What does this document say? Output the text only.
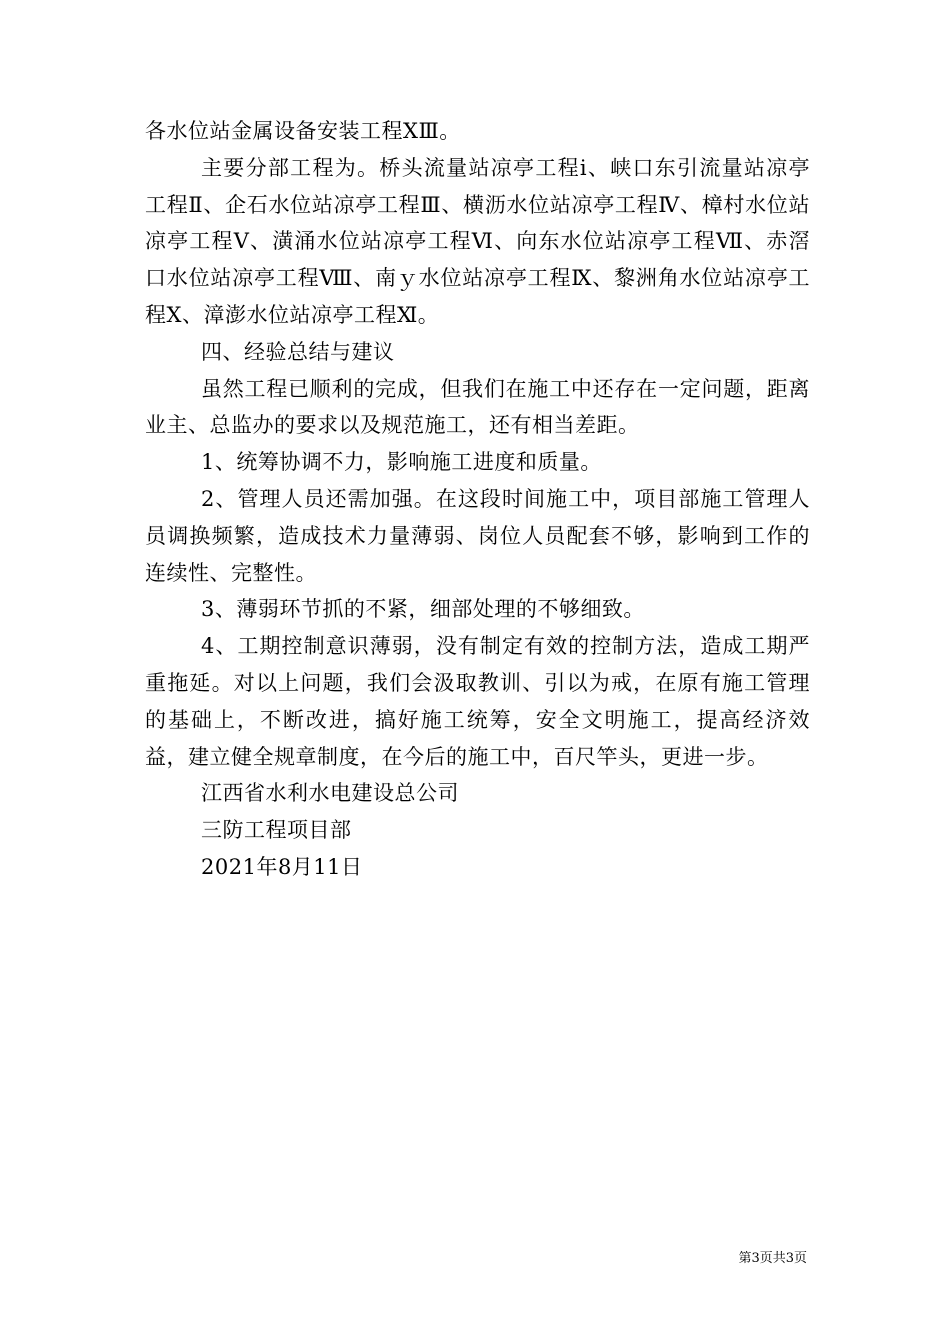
各水位站金属设备安装工程ⅩⅢ。

主要分部工程为。桥头流量站凉亭工程ⅰ、峡口东引流量站凉亭工程Ⅱ、企石水位站凉亭工程Ⅲ、横沥水位站凉亭工程Ⅳ、樟村水位站凉亭工程Ⅴ、潢涌水位站凉亭工程Ⅵ、向东水位站凉亭工程Ⅶ、赤滘口水位站凉亭工程Ⅷ、南ｙ水位站凉亭工程Ⅸ、黎洲角水位站凉亭工程Ⅹ、漳澎水位站凉亭工程Ⅺ。

四、经验总结与建议

虽然工程已顺利的完成，但我们在施工中还存在一定问题，距离业主、总监办的要求以及规范施工，还有相当差距。

1、统筹协调不力，影响施工进度和质量。

2、管理人员还需加强。在这段时间施工中，项目部施工管理人员调换频繁，造成技术力量薄弱、岗位人员配套不够，影响到工作的连续性、完整性。

3、薄弱环节抓的不紧，细部处理的不够细致。

4、工期控制意识薄弱，没有制定有效的控制方法，造成工期严重拖延。对以上问题，我们会汲取教训、引以为戒，在原有施工管理的基础上，不断改进，搞好施工统筹，安全文明施工，提高经济效益，建立健全规章制度，在今后的施工中，百尺竿头，更进一步。

江西省水利水电建设总公司

三防工程项目部

2021年8月11日

第3页共3页
